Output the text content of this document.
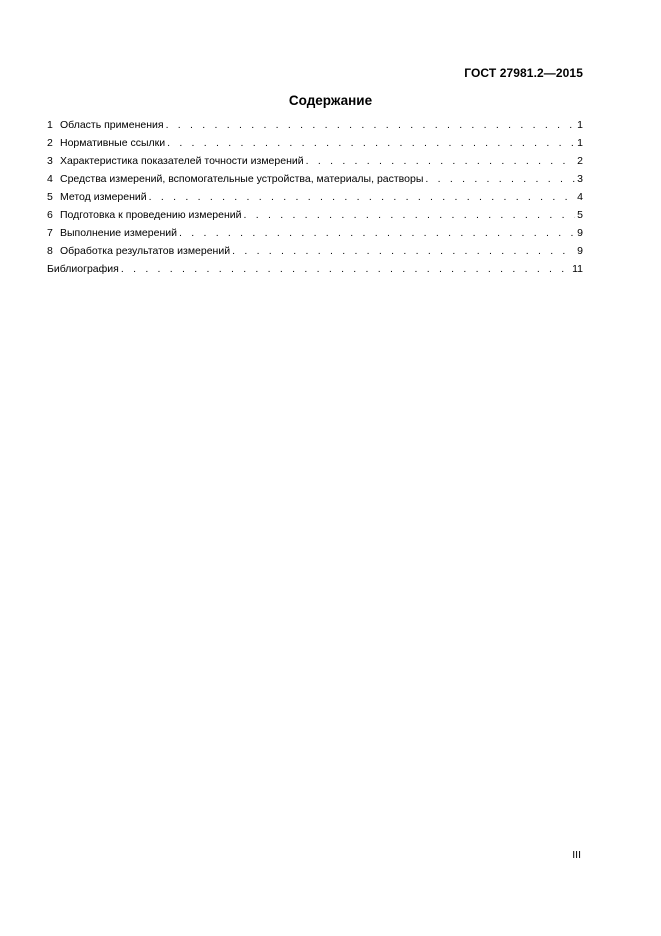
ГОСТ 27981.2—2015
Содержание
1 Область применения . . .	1
2 Нормативные ссылки . . .	1
3 Характеристика показателей точности измерений . . .	2
4 Средства измерений, вспомогательные устройства, материалы, растворы . . .	3
5 Метод измерений . . .	4
6 Подготовка к проведению измерений . . .	5
7 Выполнение измерений . . .	9
8 Обработка результатов измерений . . .	9
Библиография . . .	11
III
